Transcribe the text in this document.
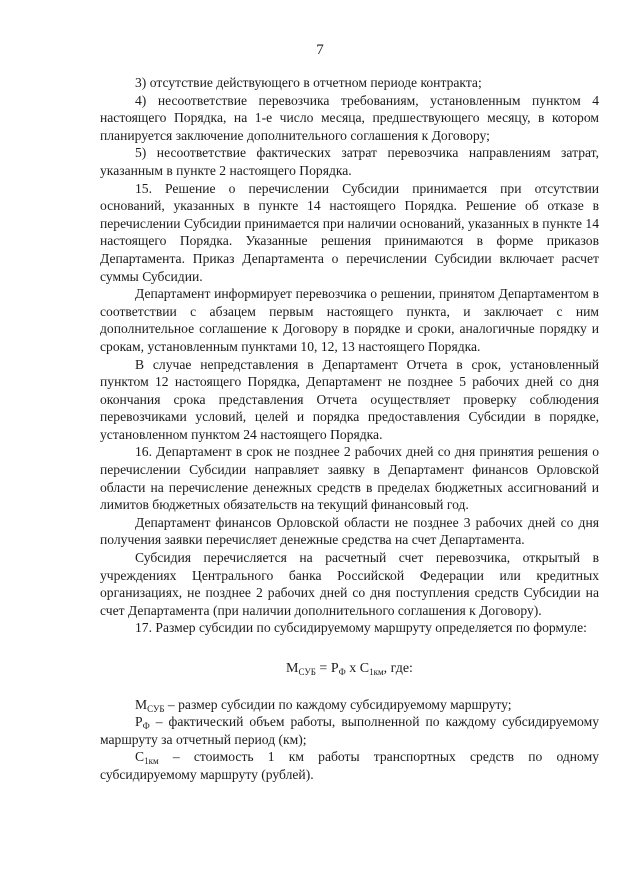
7

3) отсутствие действующего в отчетном периоде контракта;

4) несоответствие перевозчика требованиям, установленным пунктом 4 настоящего Порядка, на 1-е число месяца, предшествующего месяцу, в котором планируется заключение дополнительного соглашения к Договору;

5) несоответствие фактических затрат перевозчика направлениям затрат, указанным в пункте 2 настоящего Порядка.

15. Решение о перечислении Субсидии принимается при отсутствии оснований, указанных в пункте 14 настоящего Порядка. Решение об отказе в перечислении Субсидии принимается при наличии оснований, указанных в пункте 14 настоящего Порядка. Указанные решения принимаются в форме приказов Департамента. Приказ Департамента о перечислении Субсидии включает расчет суммы Субсидии.

Департамент информирует перевозчика о решении, принятом Департаментом в соответствии с абзацем первым настоящего пункта, и заключает с ним дополнительное соглашение к Договору в порядке и сроки, аналогичные порядку и срокам, установленным пунктами 10, 12, 13 настоящего Порядка.

В случае непредставления в Департамент Отчета в срок, установленный пунктом 12 настоящего Порядка, Департамент не позднее 5 рабочих дней со дня окончания срока представления Отчета осуществляет проверку соблюдения перевозчиками условий, целей и порядка предоставления Субсидии в порядке, установленном пунктом 24 настоящего Порядка.

16. Департамент в срок не позднее 2 рабочих дней со дня принятия решения о перечислении Субсидии направляет заявку в Департамент финансов Орловской области на перечисление денежных средств в пределах бюджетных ассигнований и лимитов бюджетных обязательств на текущий финансовый год.

Департамент финансов Орловской области не позднее 3 рабочих дней со дня получения заявки перечисляет денежные средства на счет Департамента.

Субсидия перечисляется на расчетный счет перевозчика, открытый в учреждениях Центрального банка Российской Федерации или кредитных организациях, не позднее 2 рабочих дней со дня поступления средств Субсидии на счет Департамента (при наличии дополнительного соглашения к Договору).

17. Размер субсидии по субсидируемому маршруту определяется по формуле:

$М_{СУБ} = Р_Ф$ х $С_{1км}$, где:

$М_{СУБ}$ – размер субсидии по каждому субсидируемому маршруту;

$Р_Ф$ – фактический объем работы, выполненной по каждому субсидируемому маршруту за отчетный период (км);

$С_{1км}$ – стоимость 1 км работы транспортных средств по одному субсидируемому маршруту (рублей).
